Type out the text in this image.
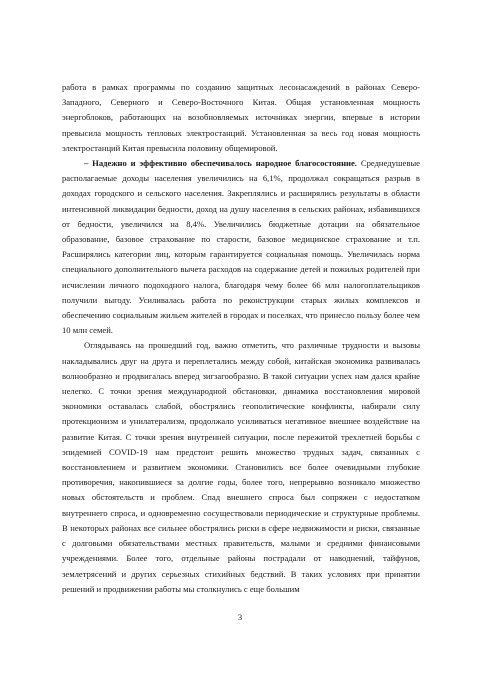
работа в рамках программы по созданию защитных лесонасаждений в районах Северо-Западного, Северного и Северо-Восточного Китая. Общая установленная мощность энергоблоков, работающих на возобновляемых источниках энергии, впервые в истории превысила мощность тепловых электростанций. Установленная за весь год новая мощность электростанций Китая превысила половину общемировой.

– Надежно и эффективно обеспечивалось народное благосостояние. Среднедушевые располагаемые доходы населения увеличились на 6,1%, продолжал сокращаться разрыв в доходах городского и сельского населения. Закреплялись и расширялись результаты в области интенсивной ликвидации бедности, доход на душу населения в сельских районах, избавившихся от бедности, увеличился на 8,4%. Увеличились бюджетные дотации на обязательное образование, базовое страхование по старости, базовое медицинское страхование и т.п. Расширялись категории лиц, которым гарантируется социальная помощь. Увеличилась норма специального дополнительного вычета расходов на содержание детей и пожилых родителей при исчислении личного подоходного налога, благодаря чему более 66 млн налогоплательщиков получили выгоду. Усиливалась работа по реконструкции старых жилых комплексов и обеспечению социальным жильем жителей в городах и поселках, что принесло пользу более чем 10 млн семей.

Оглядываясь на прошедший год, важно отметить, что различные трудности и вызовы накладывались друг на друга и переплетались между собой, китайская экономика развивалась волнообразно и продвигалась вперед зигзагообразно. В такой ситуации успех нам дался крайне нелегко. С точки зрения международной обстановки, динамика восстановления мировой экономики оставалась слабой, обострялись геополитические конфликты, набирали силу протекционизм и унилатерализм, продолжало усиливаться негативное внешнее воздействие на развитие Китая. С точки зрения внутренней ситуации, после пережитой трехлетней борьбы с эпидемией COVID-19 нам предстоит решить множество трудных задач, связанных с восстановлением и развитием экономики. Становились все более очевидными глубокие противоречия, накопившиеся за долгие годы, более того, непрерывно возникало множество новых обстоятельств и проблем. Спад внешнего спроса был сопряжен с недостатком внутреннего спроса, и одновременно сосуществовали периодические и структурные проблемы. В некоторых районах все сильнее обострялись риски в сфере недвижимости и риски, связанные с долговыми обязательствами местных правительств, малыми и средними финансовыми учреждениями. Более того, отдельные районы пострадали от наводнений, тайфунов, землетрясений и других серьезных стихийных бедствий. В таких условиях при принятии решений и продвижении работы мы столкнулись с еще большим

3
